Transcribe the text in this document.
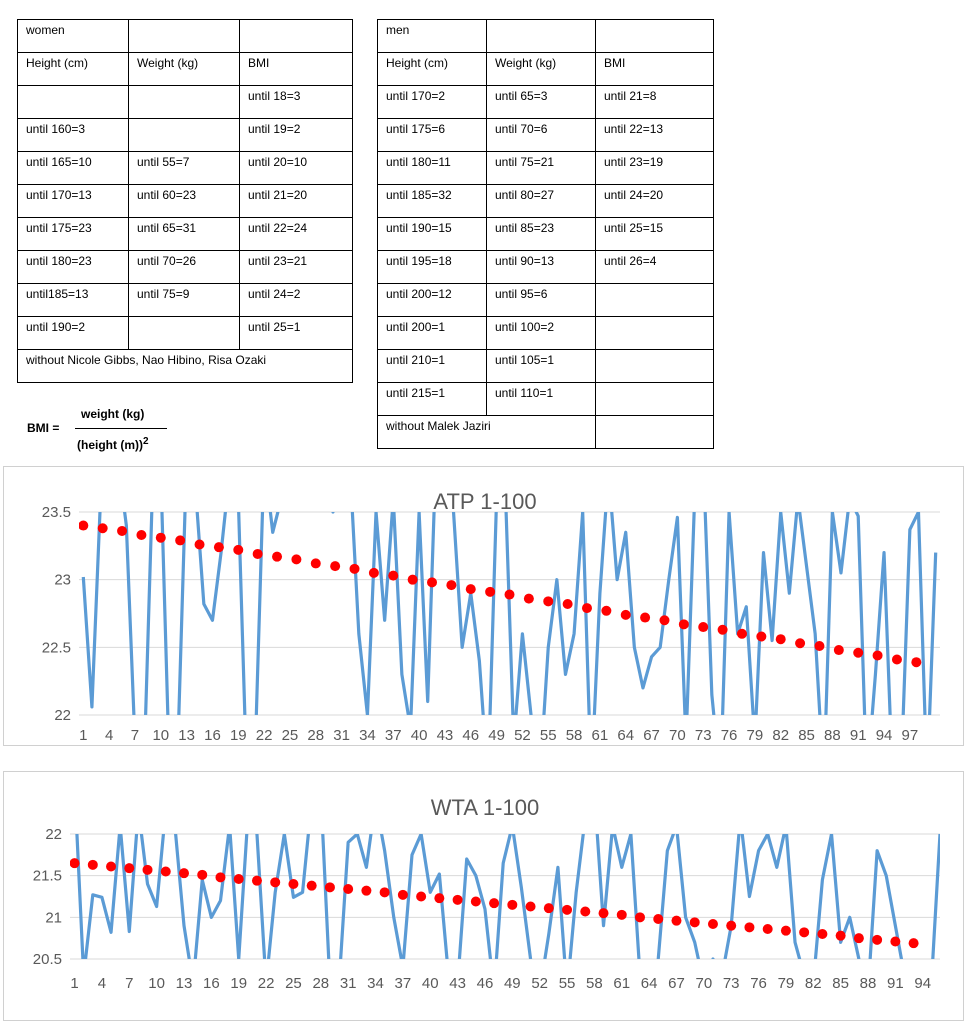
women		
Height (cm)	Weight (kg)	BMI
		until 18=3
until 160=3		until 19=2
until 165=10	until 55=7	until 20=10
until 170=13	until 60=23	until 21=20
until 175=23	until 65=31	until 22=24
until 180=23	until 70=26	until 23=21
until185=13	until 75=9	until 24=2
until 190=2		until 25=1
without Nicole Gibbs, Nao Hibino, Risa Ozaki		
men		
Height (cm)	Weight (kg)	BMI
until 170=2	until 65=3	until 21=8
until 175=6	until 70=6	until 22=13
until 180=11	until 75=21	until 23=19
until 185=32	until 80=27	until 24=20
until 190=15	until 85=23	until 25=15
until 195=18	until 90=13	until 26=4
until 200=12	until 95=6	
until 200=1	until 100=2	
until 210=1	until 105=1	
until 215=1	until 110=1	
without Malek Jaziri		
BMI =
weight (kg)
(height (m))$^2$
ATP 1-100
22
22.5
23
23.5
1 4 7 10 13 16 19 22 25 28 31 34 37 40 43 46 49 52 55 58 61 64 67 70 73 76 79 82 85 88 91 94 97
WTA 1-100
20.5
21
21.5
22
1 4 7 10 13 16 19 22 25 28 31 34 37 40 43 46 49 52 55 58 61 64 67 70 73 76 79 82 85 88 91 94
